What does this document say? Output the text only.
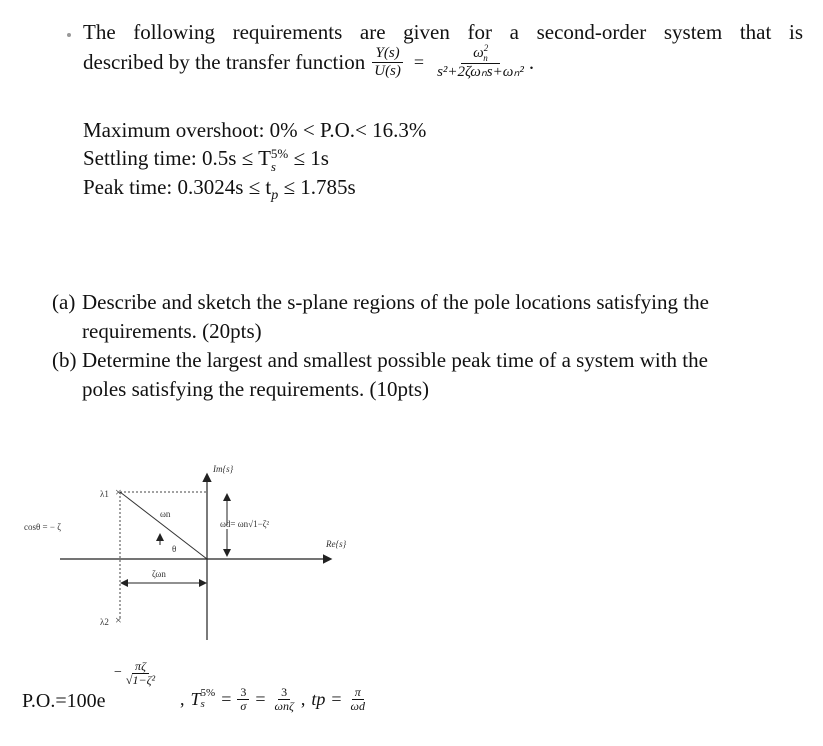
The following requirements are given for a second-order system that is
described by the transfer function $\frac{Y(s)}{U(s)} = \frac{\omega^2_n}{\text{s²+2ζωₙs+ωₙ²}}$ .
Maximum overshoot: 0% < P.O.< 16.3%
Settling time: 0.5s ≤ T 5%
s ≤ 1s
Peak time: $0.3024s \le t_p \le 1.785s$
(a) Describe and sketch the s-plane regions of the pole locations satisfying the
requirements. (20pts)
(b) Determine the largest and smallest possible peak time of a system with the
poles satisfying the requirements. (10pts)
Im{s}
Re{s}
cosθ = − ζ
×
×
λ1
λ2
ωn
θ
ωd= ωn√1−ζ²
ζωn
− $\frac{\pi\zeta}{\text{√1−ζ²}}$
P.O.=100e	, T 5%
$s = \frac{3}{\sigma} = \frac{3}{\text{ωnζ}}$ , tp = $\frac{\pi}{\omega d}$
